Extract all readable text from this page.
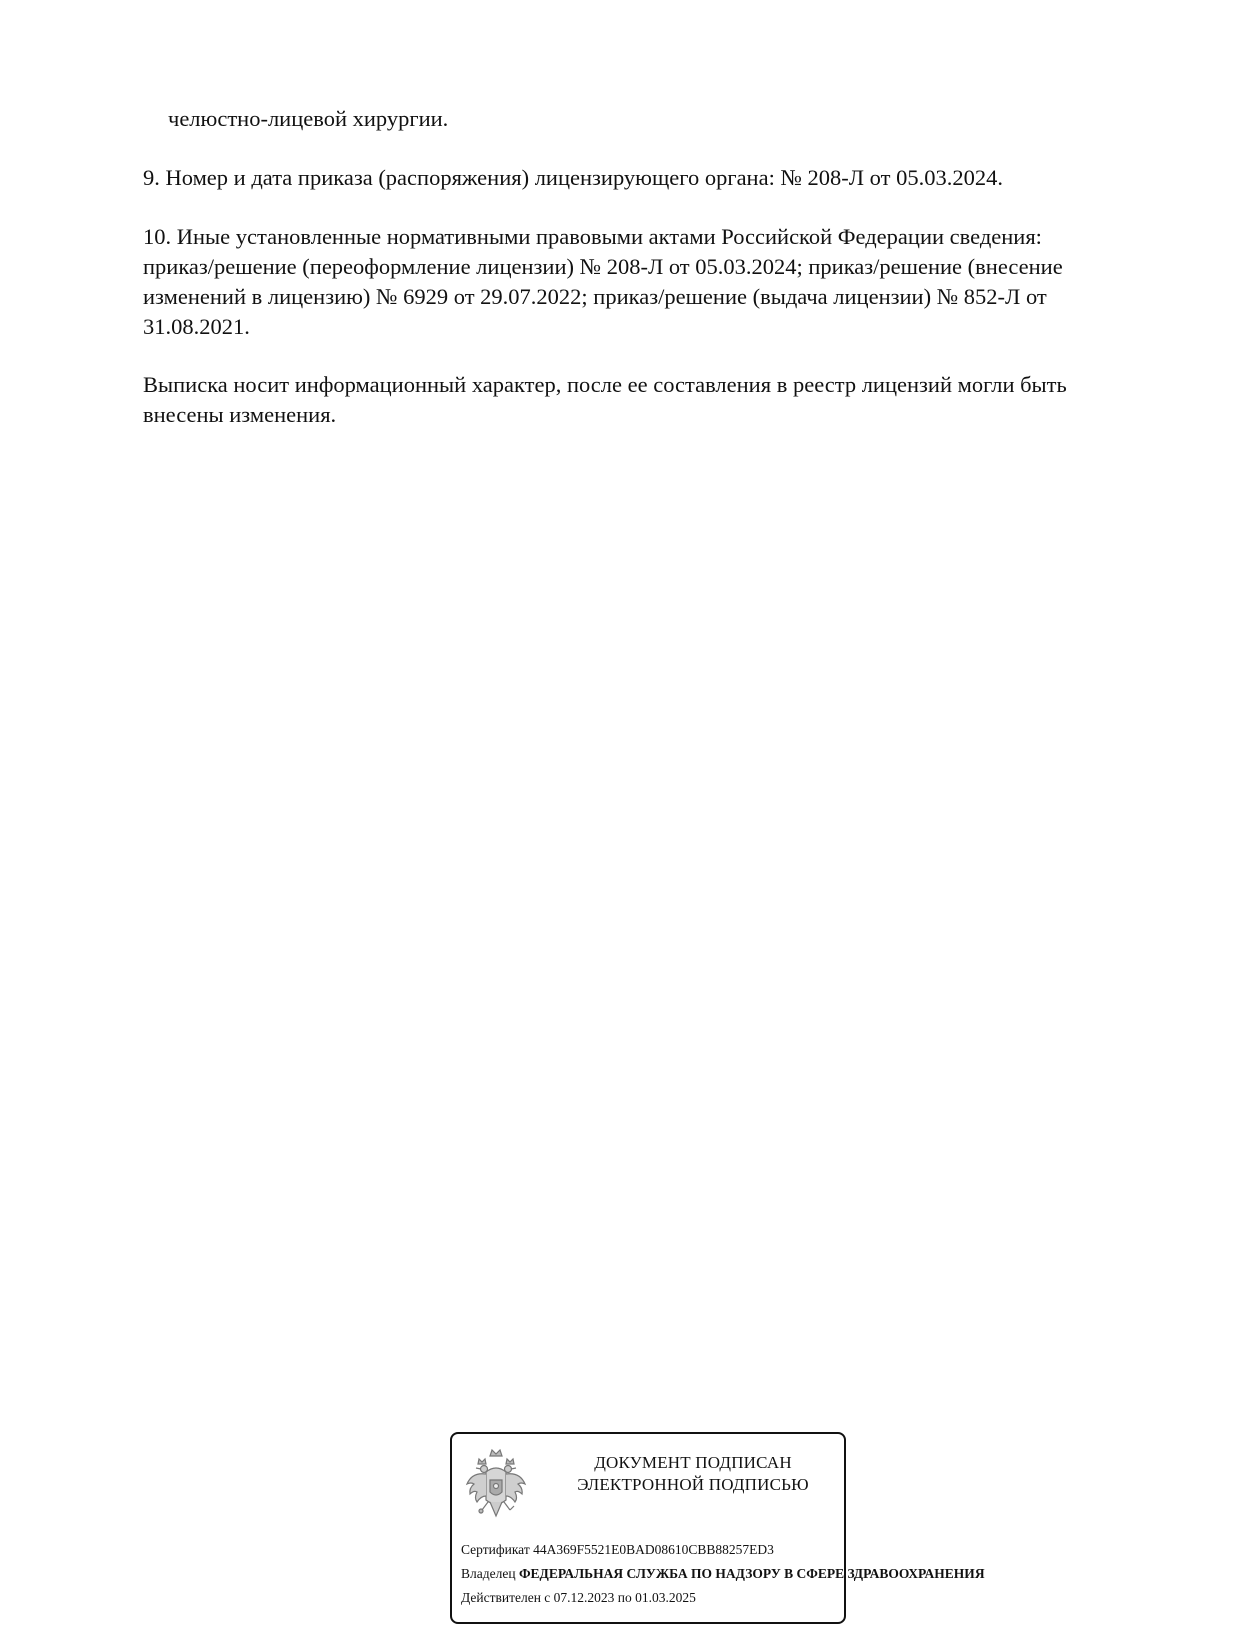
челюстно-лицевой хирургии.
9. Номер и дата приказа (распоряжения) лицензирующего органа: № 208-Л от 05.03.2024.
10. Иные установленные нормативными правовыми актами Российской Федерации сведения:
приказ/решение (переоформление лицензии) № 208-Л от 05.03.2024; приказ/решение (внесение
изменений в лицензию) № 6929 от 29.07.2022; приказ/решение (выдача лицензии) № 852-Л от
31.08.2021.
Выписка носит информационный характер, после ее составления в реестр лицензий могли быть
внесены изменения.
ДОКУМЕНТ ПОДПИСАН
ЭЛЕКТРОННОЙ ПОДПИСЬЮ
Сертификат 44A369F5521E0BAD08610CBB88257ED3
Владелец ФЕДЕРАЛЬНАЯ СЛУЖБА ПО НАДЗОРУ В СФЕРЕ ЗДРАВООХРАНЕНИЯ
Действителен с 07.12.2023 по 01.03.2025
